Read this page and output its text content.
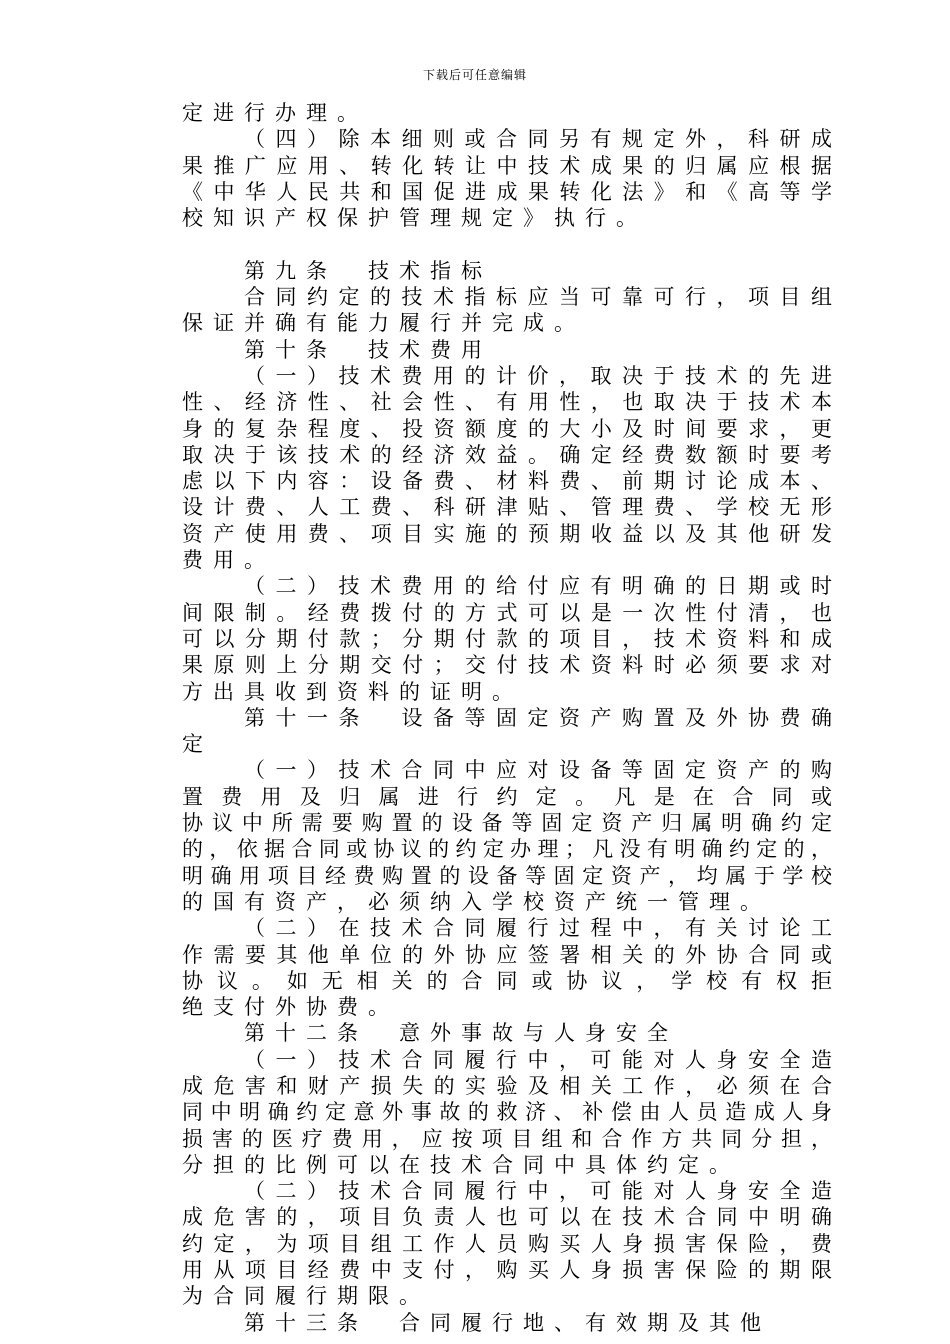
下载后可任意编辑
定进行办理。
（四）除本细则或合同另有规定外，科研成
果推广应用、转化转让中技术成果的归属应根据
《中华人民共和国促进成果转化法》和《高等学
校知识产权保护管理规定》执行。
第九条　技术指标
合同约定的技术指标应当可靠可行，项目组
保证并确有能力履行并完成。
第十条　技术费用
（一）技术费用的计价，取决于技术的先进
性、经济性、社会性、有用性，也取决于技术本
身的复杂程度、投资额度的大小及时间要求，更
取决于该技术的经济效益。确定经费数额时要考
虑以下内容：设备费、材料费、前期讨论成本、
设计费、人工费、科研津贴、管理费、学校无形
资产使用费、项目实施的预期收益以及其他研发
费用。
（二）技术费用的给付应有明确的日期或时
间限制。经费拨付的方式可以是一次性付清，也
可以分期付款；分期付款的项目，技术资料和成
果原则上分期交付；交付技术资料时必须要求对
方出具收到资料的证明。
第十一条　设备等固定资产购置及外协费确
定
（一）技术合同中应对设备等固定资产的购
置费用及归属进行约定。凡是在合同或
协议中所需要购置的设备等固定资产归属明确约定
的，依据合同或协议的约定办理；凡没有明确约定的，
明确用项目经费购置的设备等固定资产，均属于学校
的国有资产，必须纳入学校资产统一管理。
（二）在技术合同履行过程中，有关讨论工
作需要其他单位的外协应签署相关的外协合同或
协议。如无相关的合同或协议，学校有权拒
绝支付外协费。
第十二条　意外事故与人身安全
（一）技术合同履行中，可能对人身安全造
成危害和财产损失的实验及相关工作，必须在合
同中明确约定意外事故的救济、补偿由人员造成人身
损害的医疗费用，应按项目组和合作方共同分担，
分担的比例可以在技术合同中具体约定。
（二）技术合同履行中，可能对人身安全造
成危害的，项目负责人也可以在技术合同中明确
约定，为项目组工作人员购买人身损害保险，费
用从项目经费中支付，购买人身损害保险的期限
为合同履行期限。
第十三条　合同履行地、有效期及其他
